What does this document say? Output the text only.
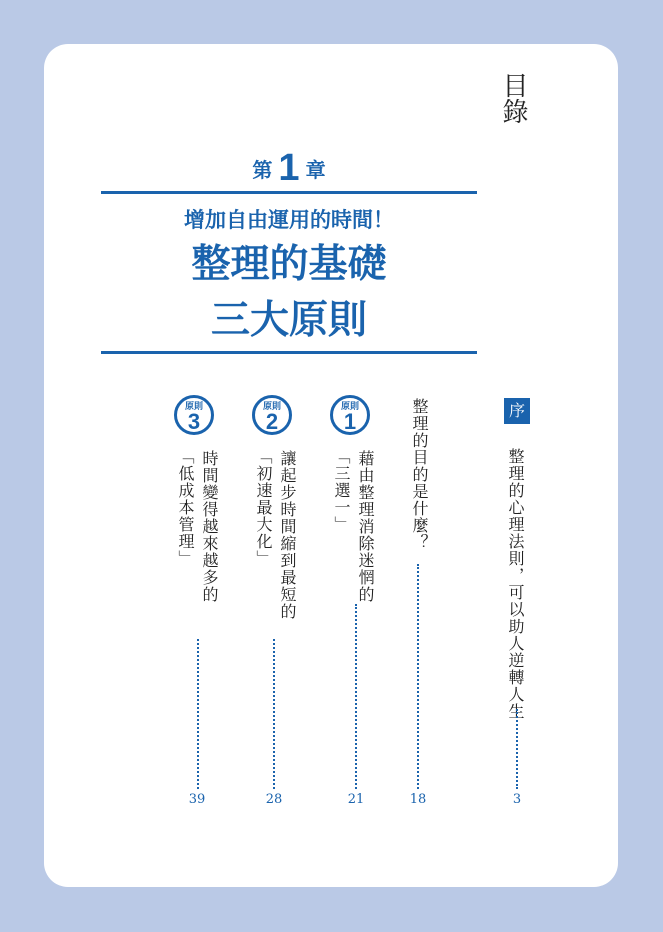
目錄
第 1 章
增加自由運用的時間！
整理的基礎
三大原則
序
整理的心理法則，可以助人逆轉人生
3
整理的目的是什麼？
18
原則
1
藉由整理消除迷惘的
「三選一」
21
原則
2
讓起步時間縮到最短的
「初速最大化」
28
原則
3
時間變得越來越多的
「低成本管理」
39
